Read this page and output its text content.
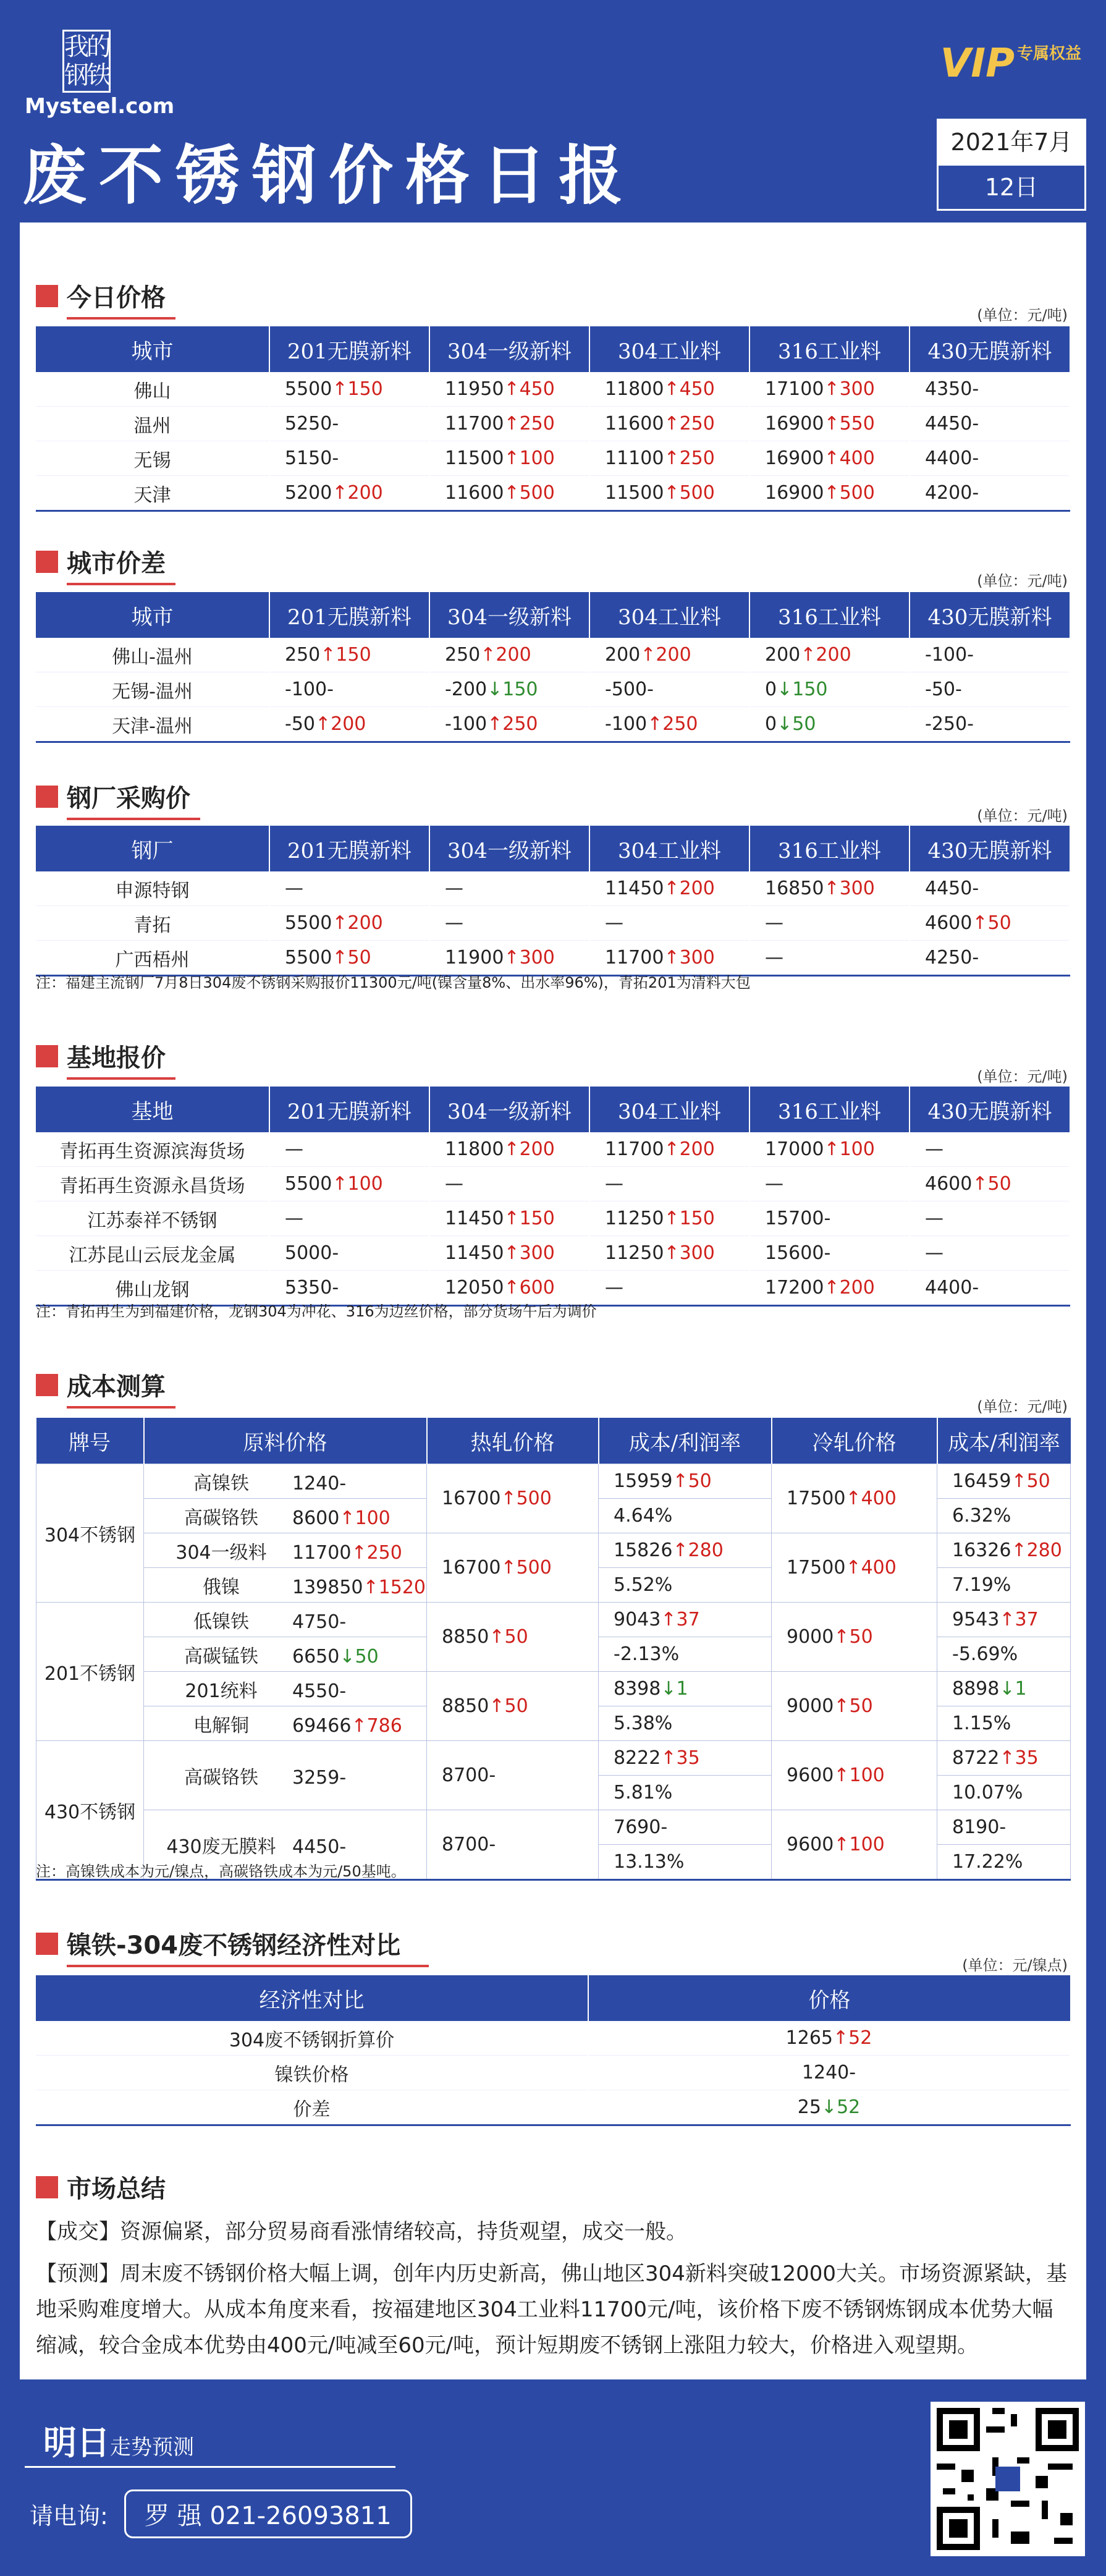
我的钢铁
Mysteel.com
VIP $^{专属权益}$
废不锈钢价格日报	2021年7月
12日
今日价格
(单位：元/吨)
城市	201无膜新料	304一级新料	304工业料	316工业料	430无膜新料
佛山	5500↑150	11950↑450	11800↑450	17100↑300	4350-
温州	5250-	11700↑250	11600↑250	16900↑550	4450-
无锡	5150-	11500↑100	11100↑250	16900↑400	4400-
天津	5200↑200	11600↑500	11500↑500	16900↑500	4200-
城市价差
(单位：元/吨)
城市	201无膜新料	304一级新料	304工业料	316工业料	430无膜新料
佛山-温州	250↑150	250↑200	200↑200	200↑200	-100-
无锡-温州	-100-	-200↓150	-500-	0↓150	-50-
天津-温州	-50↑200	-100↑250	-100↑250	0↓50	-250-
钢厂采购价
(单位：元/吨)
钢厂	201无膜新料	304一级新料	304工业料	316工业料	430无膜新料
申源特钢	—	—	11450↑200	16850↑300	4450-
青拓	5500↑200	—	—	—	4600↑50
广西梧州	5500↑50	11900↑300	11700↑300	—	4250-
注：福建主流钢厂7月8日304废不锈钢采购报价11300元/吨(镍含量8%、出水率96%)，青拓201为清料大包
基地报价
(单位：元/吨)
基地	201无膜新料	304一级新料	304工业料	316工业料	430无膜新料
青拓再生资源滨海货场	—	11800↑200	11700↑200	17000↑100	—
青拓再生资源永昌货场	5500↑100	—	—	—	4600↑50
江苏泰祥不锈钢	—	11450↑150	11250↑150	15700-	—
江苏昆山云辰龙金属	5000-	11450↑300	11250↑300	15600-	—
佛山龙钢	5350-	12050↑600	—	17200↑200	4400-
注：青拓再生为到福建价格，龙钢304为冲花、316为边丝价格，部分货场午后为调价
成本测算
(单位：元/吨)
牌号	原料价格	热轧价格	成本/利润率	冷轧价格	成本/利润率
304不锈钢	高镍铁 1240-	16700↑500	15959↑50	17500↑400	16459↑50
	高碳铬铁 8600↑100		4.64%		6.32%
	304一级料 11700↑250	16700↑500	15826↑280	17500↑400	16326↑280
	俄镍 139850↑1520		5.52%		7.19%
201不锈钢	低镍铁 4750-	8850↑50	9043↑37	9000↑50	9543↑37
	高碳锰铁 6650↓50		-2.13%		-5.69%
	201统料 4550-	8850↑50	8398↓1	9000↑50	8898↓1
	电解铜 69466↑786		5.38%		1.15%
430不锈钢	高碳铬铁 3259-	8700-	8222↑35	9600↑100	8722↑35
			5.81%		10.07%
	430废无膜料 4450-	8700-	7690-	9600↑100	8190-
			13.13%		17.22%
注：高镍铁成本为元/镍点，高碳铬铁成本为元/50基吨。
镍铁-304废不锈钢经济性对比
(单位：元/镍点)
经济性对比	价格
304废不锈钢折算价	1265↑52
镍铁价格	1240-
价差	25↓52
市场总结

【成交】资源偏紧，部分贸易商看涨情绪较高，持货观望，成交一般。

【预测】周末废不锈钢价格大幅上调，创年内历史新高，佛山地区304新料突破12000大关。市场资源紧缺，基地采购难度增大。从成本角度来看，按福建地区304工业料11700元/吨，该价格下废不锈钢炼钢成本优势大幅缩减，较合金成本优势由400元/吨减至60元/吨，预计短期废不锈钢上涨阻力较大，价格进入观望期。

明日走势预测
请电询: 罗 强 021-26093811
